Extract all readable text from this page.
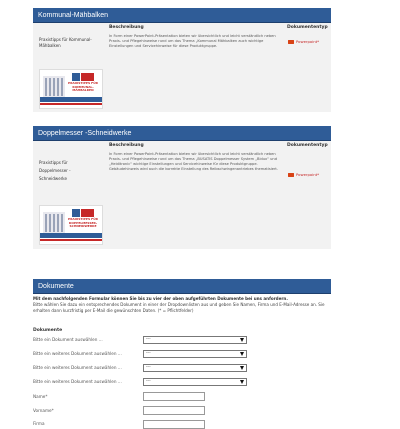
Kommunal-Mähbalken
Praxistipps für Kommunal-Mähbalken
Beschreibung	Dokumententyp
In Form einer PowerPoint-Präsentation bieten wir übersichtlich und leicht verständlich neben Praxis- und Pflegehinweise rund um das Thema „Kommunal Mähbalken auch wichtige Einstellungen und Servicehinweise für diese Produktgruppe.
Powerpoint*
PRAXISTIPPS FÜR KOMMUNAL-MÄHBALKEN
Doppelmesser -Schneidwerke
Praxistipps für Doppelmesser - Schneidwerke
Beschreibung	Dokumententyp
In Form einer PowerPoint-Präsentation bieten wir übersichtlich und leicht verständlich neben Praxis- und Pflegehinweise rund um das Thema „BUSATIS Doppelmesser System „Bidux“ und „Heiditronic“ wichtige Einstellungen und Servicehinweise für diese Produktgruppe. Gebäudehinweis wird auch die korrekte Einstellung des Reibschwingenantriebes thematisiert.
Powerpoint*
PRAXISTIPPS FÜR DOPPELMESSER-SCHNEIDWERKE
Dokumente
Mit dem nachfolgenden Formular können Sie bis zu vier der oben aufgeführten Dokumente bei uns anfordern.
Bitte wählen Sie dazu ein entsprechendes Dokument in einer der Dropdownlisten aus und geben Sie Namen, Firma und E-Mail-Adresse an. Sie erhalten dann kurzfristig per E-Mail die gewünschten Daten. (* = Pflichtfelder)
Dokumente
Bitte ein Dokument auswählen ...	---
Bitte ein weiteres Dokument auswählen ...	---
Bitte ein weiteres Dokument auswählen ...	---
Bitte ein weiteres Dokument auswählen ...	---
Name*
Vorname*
Firma
